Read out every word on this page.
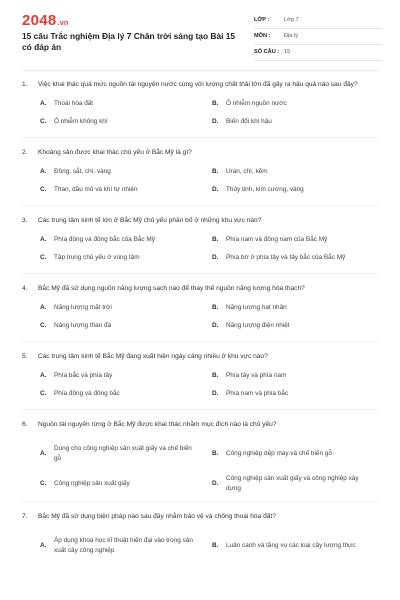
2048.vn
15 câu Trắc nghiệm Địa lý 7 Chân trời sáng tạo Bài 15 có đáp án
LỚP :	Lớp 7
MÔN : Địa lý
SỐ CÂU : 15
1. Việc khai thác quá mức nguồn tài nguyên nước cùng với lượng chất thải lớn đã gây ra hậu quả nào sau đây?
A.	Thoái hóa đất	B.	Ô nhiễm nguồn nước
C.	Ô nhiễm không khí	D.	Biến đổi khí hậu
2. Khoáng sản được khai thác chủ yếu ở Bắc Mỹ là gì?
A.	Đồng, sắt, chì, vàng	B.	Uran, chì, kẽm
C.	Than, dầu mỏ và khí tự nhiên	D.	Thủy tinh, kim cương, vàng
3. Các trung tâm kinh tế lớn ở Bắc Mỹ chủ yếu phân bố ở những khu vực nào?
A.	Phía đông và đông bắc của Bắc Mỹ	B.	Phía nam và đông nam của Bắc Mỹ
C.	Tập trung chủ yếu ở vùng tâm	D.	Phía bờ ở phía tây và tây bắc của Bắc Mỹ
4. Bắc Mỹ đã sử dụng nguồn năng lượng sạch nào để thay thế nguồn năng lượng hóa thạch?
A.	Năng lượng mặt trời	B.	Năng lượng hạt nhân
C.	Năng lượng than đá	D.	Năng lượng điện nhiệt
5. Các trung tâm kinh tế Bắc Mỹ đang xuất hiện ngày càng nhiều ở khu vực nào?
A.	Phía bắc và phía tây	B.	Phía tây và phía nam
C.	Phía đông và đông bắc	D.	Phía nam và phía bắc
6. Nguồn tài nguyên rừng ở Bắc Mỹ được khai thác nhằm mục đích nào là chủ yếu?
A.
Dùng cho công nghiệp sản xuất giấy và chế biến gỗ
B.	Công nghiệp dệp may và chế biến gỗ
C.	Công nghiệp sản xuất giấy	D.
Công nghiệp sản xuất giấy và công nghiệp xây dựng
7. Bắc Mỹ đã sử dụng biện pháp nào sau đây nhằm bảo vệ và chống thoái hóa đất?
A.
Áp dụng khoa học kĩ thuật hiện đại vào trong sản xuất cây công nghiệp
B.	Luân canh và tăng vụ các loại cây lương thực
